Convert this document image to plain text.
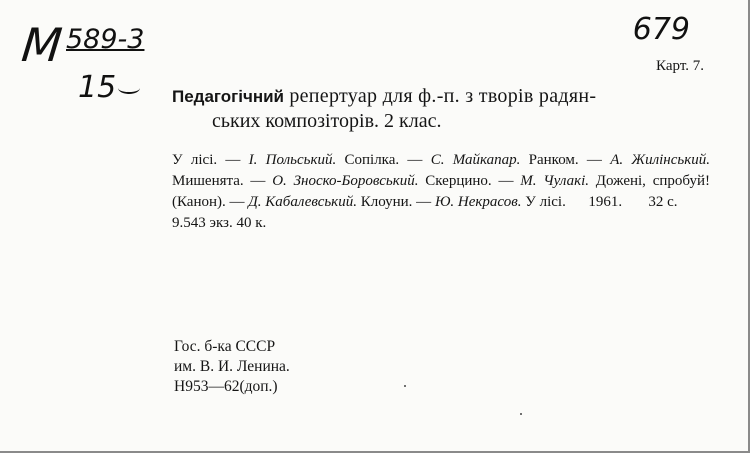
М 589-3
15
679
Карт. 7.
Педагогічний репертуар для ф.-п. з творів радян-
ських композіторів. 2 клас.
У лісі. — І. Польський. Сопілка. — С. Майкапар. Ранком. — А. Жилінський. Мишенята. — О. Зноско-Боровський. Скерцино. — М. Чулакі. Дожені, спробуй! (Канон). — Д. Кабалевський. Клоуни. — Ю. Некрасов. У лісі.      1961.       32 с.
9.543 экз. 40 к.
Гос. б-ка СССР
им. В. И. Ленина.
Н953—62(доп.)
